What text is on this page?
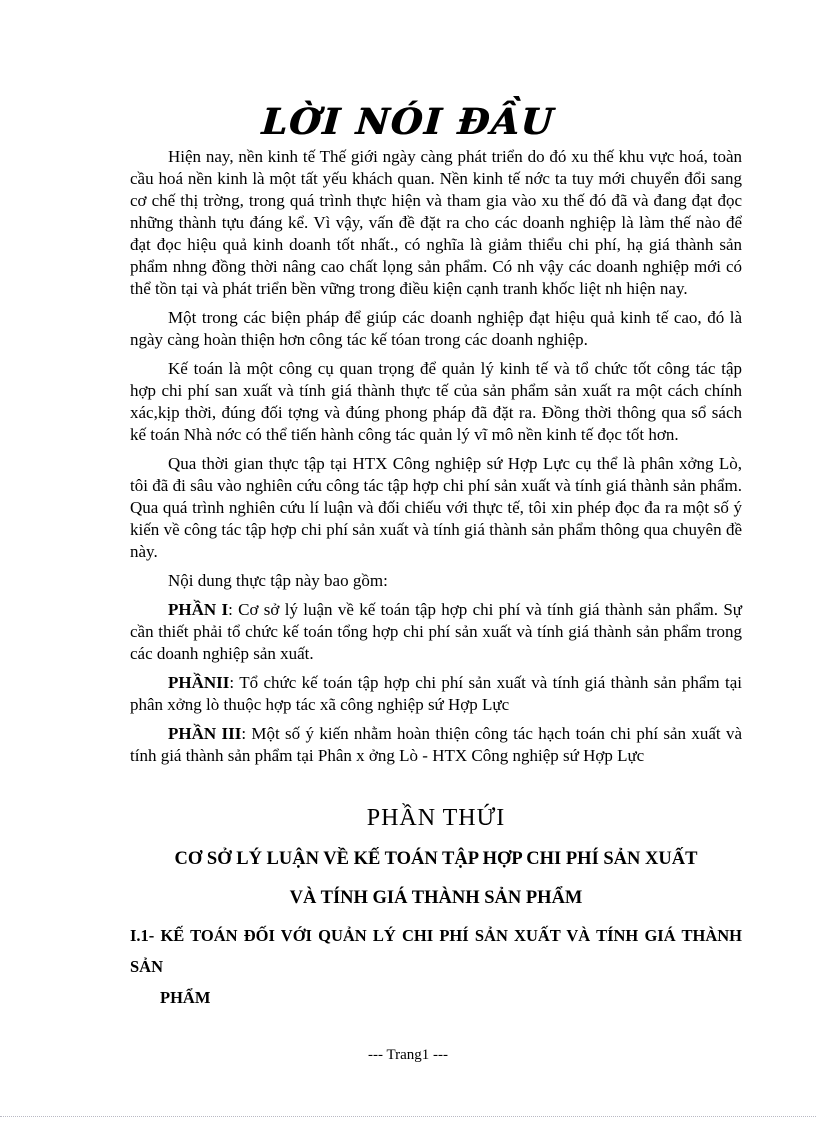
LỜI NÓI ĐẦU

Hiện nay, nền kinh tế Thế giới ngày càng phát triển do đó xu thế khu vực hoá, toàn cầu hoá nền kinh là một tất yếu khách quan. Nền kinh tế nớc ta tuy mới chuyển đổi sang cơ chế thị trờng, trong quá trình thực hiện và tham gia vào xu thế đó đã và đang đạt đọc những thành tựu đáng kể. Vì vậy, vấn đề đặt ra cho các doanh nghiệp là làm thế nào để đạt đọc hiệu quả kinh doanh tốt nhất., có nghĩa là giảm thiểu chi phí, hạ giá thành sản phẩm nhng đồng thời nâng cao chất lọng sản phẩm. Có nh vậy các doanh nghiệp mới có thể tồn tại và phát triển bền vững trong điều kiện cạnh tranh khốc liệt nh hiện nay.

Một trong các biện pháp để giúp các doanh nghiệp đạt hiệu quả kinh tế cao, đó là ngày càng hoàn thiện hơn công tác kế tóan trong các doanh nghiệp.

Kế toán là một công cụ quan trọng để quản lý kinh tế và tổ chức tốt công tác tập hợp chi phí san xuất và tính giá thành thực tế của sản phẩm sản xuất ra một cách chính xác,kịp thời, đúng đối tợng và đúng phong pháp đã đặt ra. Đồng thời thông qua sổ sách kế toán Nhà nớc có thể tiến hành công tác quản lý vĩ mô nền kinh tế đọc tốt hơn.

Qua thời gian thực tập tại HTX Công nghiệp sứ Hợp Lực cụ thể là phân xởng Lò, tôi đã đi sâu vào nghiên cứu công tác tập hợp chi phí sản xuất và tính giá thành sản phẩm. Qua quá trình nghiên cứu lí luận và đối chiếu với thực tế, tôi xin phép đọc đa ra một số ý kiến về công tác tập hợp chi phí sản xuất và tính giá thành sản phẩm thông qua chuyên đề này.

Nội dung thực tập này bao gồm:

PHẦN I: Cơ sở lý luận về kế toán tập hợp chi phí và tính giá thành sản phẩm. Sự cần thiết phải tổ chức kế toán tổng hợp chi phí sản xuất và tính giá thành sản phẩm trong các doanh nghiệp sản xuất.

PHẦNII: Tổ chức kế toán tập hợp chi phí sản xuất và tính giá thành sản phẩm tại phân xởng lò thuộc hợp tác xã công nghiệp sứ Hợp Lực

PHẦN III: Một số ý kiến nhằm hoàn thiện công tác hạch toán chi phí sản xuất và tính giá thành sản phẩm tại Phân x ởng Lò - HTX Công nghiệp sứ Hợp Lực

PHẦN THỨI
CƠ SỞ LÝ LUẬN VỀ KẾ TOÁN TẬP HỢP CHI PHÍ SẢN XUẤT
VÀ TÍNH GIÁ THÀNH SẢN PHẨM
I.1- KẾ TOÁN ĐỐI VỚI QUẢN LÝ CHI PHÍ SẢN XUẤT VÀ TÍNH GIÁ THÀNH SẢN
PHẨM
--- Trang1 ---
